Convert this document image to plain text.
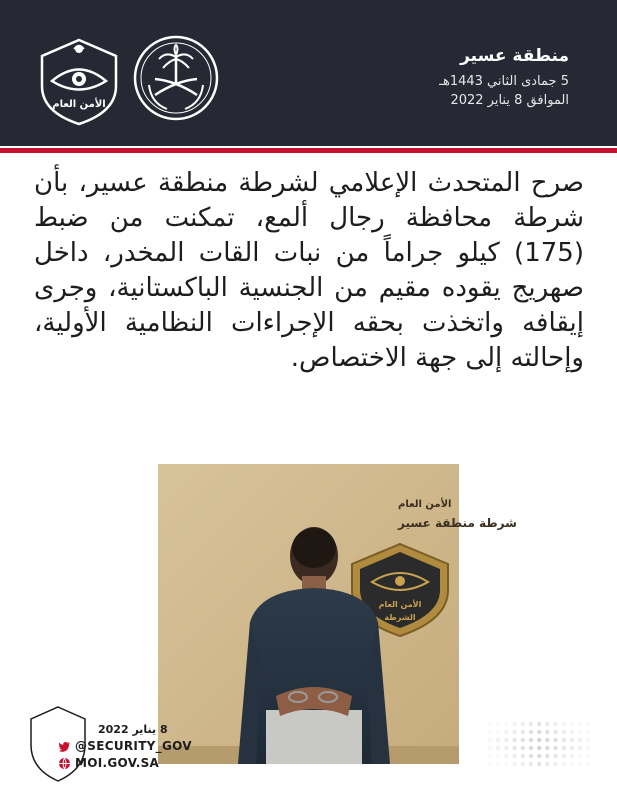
الأمن العام
منطقة عسير
5 جمادى الثاني 1443هـ
الموافق 8 يناير 2022
صرح المتحدث الإعلامي لشرطة منطقة عسير، بأن شرطة محافظة رجال ألمع، تمكنت من ضبط (175) كيلو جراماً من نبات القات المخدر، داخل صهريج يقوده مقيم من الجنسية الباكستانية، وجرى إيقافه واتخذت بحقه الإجراءات النظامية الأولية، وإحالته إلى جهة الاختصاص.
الأمن العام
شرطة منطقة عسير
الأمن العام
الشرطة
8 يناير 2022
@SECURITY_GOV
MOI.GOV.SA
